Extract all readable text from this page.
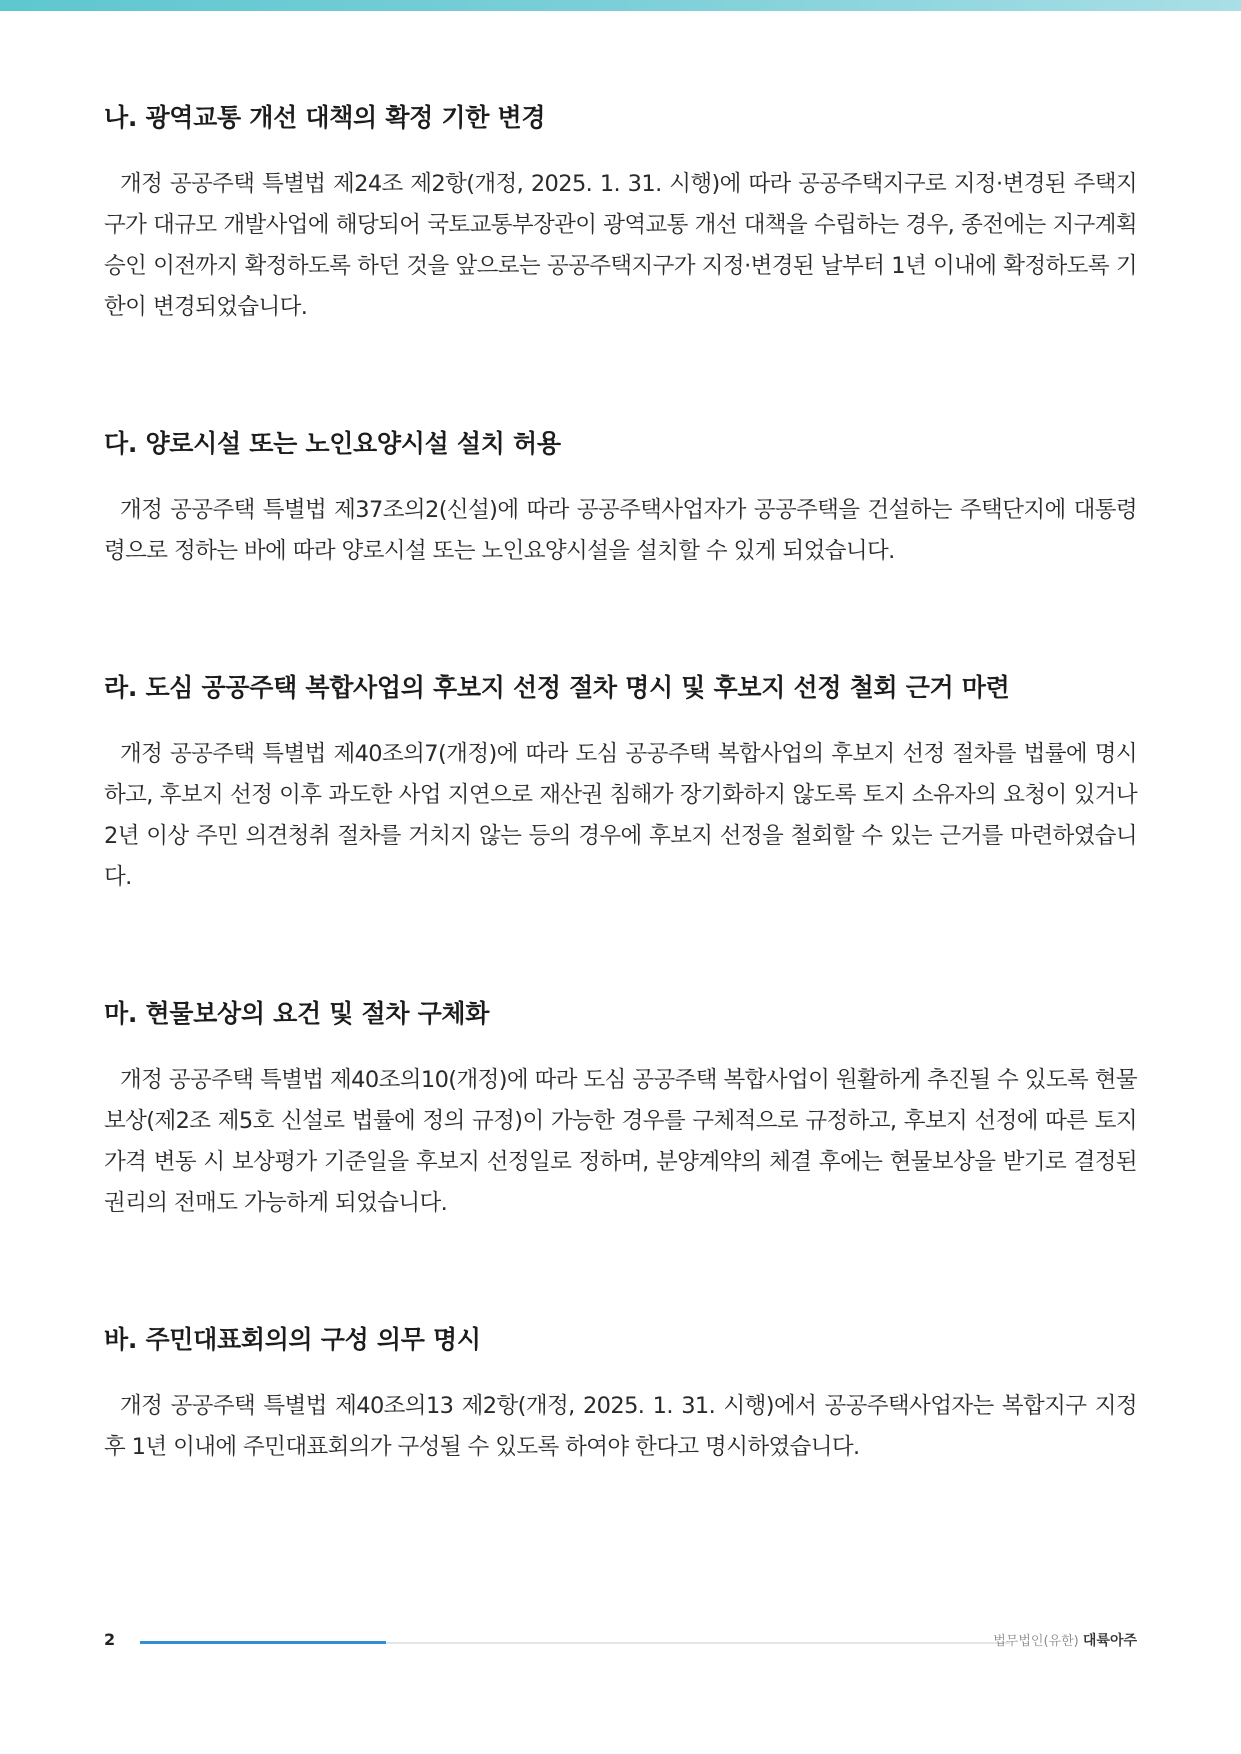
나. 광역교통 개선 대책의 확정 기한 변경

개정 공공주택 특별법 제24조 제2항(개정, 2025. 1. 31. 시행)에 따라 공공주택지구로 지정·변경된 주택지구가 대규모 개발사업에 해당되어 국토교통부장관이 광역교통 개선 대책을 수립하는 경우, 종전에는 지구계획 승인 이전까지 확정하도록 하던 것을 앞으로는 공공주택지구가 지정·변경된 날부터 1년 이내에 확정하도록 기한이 변경되었습니다.

다. 양로시설 또는 노인요양시설 설치 허용

개정 공공주택 특별법 제37조의2(신설)에 따라 공공주택사업자가 공공주택을 건설하는 주택단지에 대통령령으로 정하는 바에 따라 양로시설 또는 노인요양시설을 설치할 수 있게 되었습니다.

라. 도심 공공주택 복합사업의 후보지 선정 절차 명시 및 후보지 선정 철회 근거 마련

개정 공공주택 특별법 제40조의7(개정)에 따라 도심 공공주택 복합사업의 후보지 선정 절차를 법률에 명시하고, 후보지 선정 이후 과도한 사업 지연으로 재산권 침해가 장기화하지 않도록 토지 소유자의 요청이 있거나 2년 이상 주민 의견청취 절차를 거치지 않는 등의 경우에 후보지 선정을 철회할 수 있는 근거를 마련하였습니다.

마. 현물보상의 요건 및 절차 구체화

개정 공공주택 특별법 제40조의10(개정)에 따라 도심 공공주택 복합사업이 원활하게 추진될 수 있도록 현물보상(제2조 제5호 신설로 법률에 정의 규정)이 가능한 경우를 구체적으로 규정하고, 후보지 선정에 따른 토지가격 변동 시 보상평가 기준일을 후보지 선정일로 정하며, 분양계약의 체결 후에는 현물보상을 받기로 결정된 권리의 전매도 가능하게 되었습니다.

바. 주민대표회의의 구성 의무 명시

개정 공공주택 특별법 제40조의13 제2항(개정, 2025. 1. 31. 시행)에서 공공주택사업자는 복합지구 지정 후 1년 이내에 주민대표회의가 구성될 수 있도록 하여야 한다고 명시하였습니다.

2	법무법인(유한) 대륙아주
